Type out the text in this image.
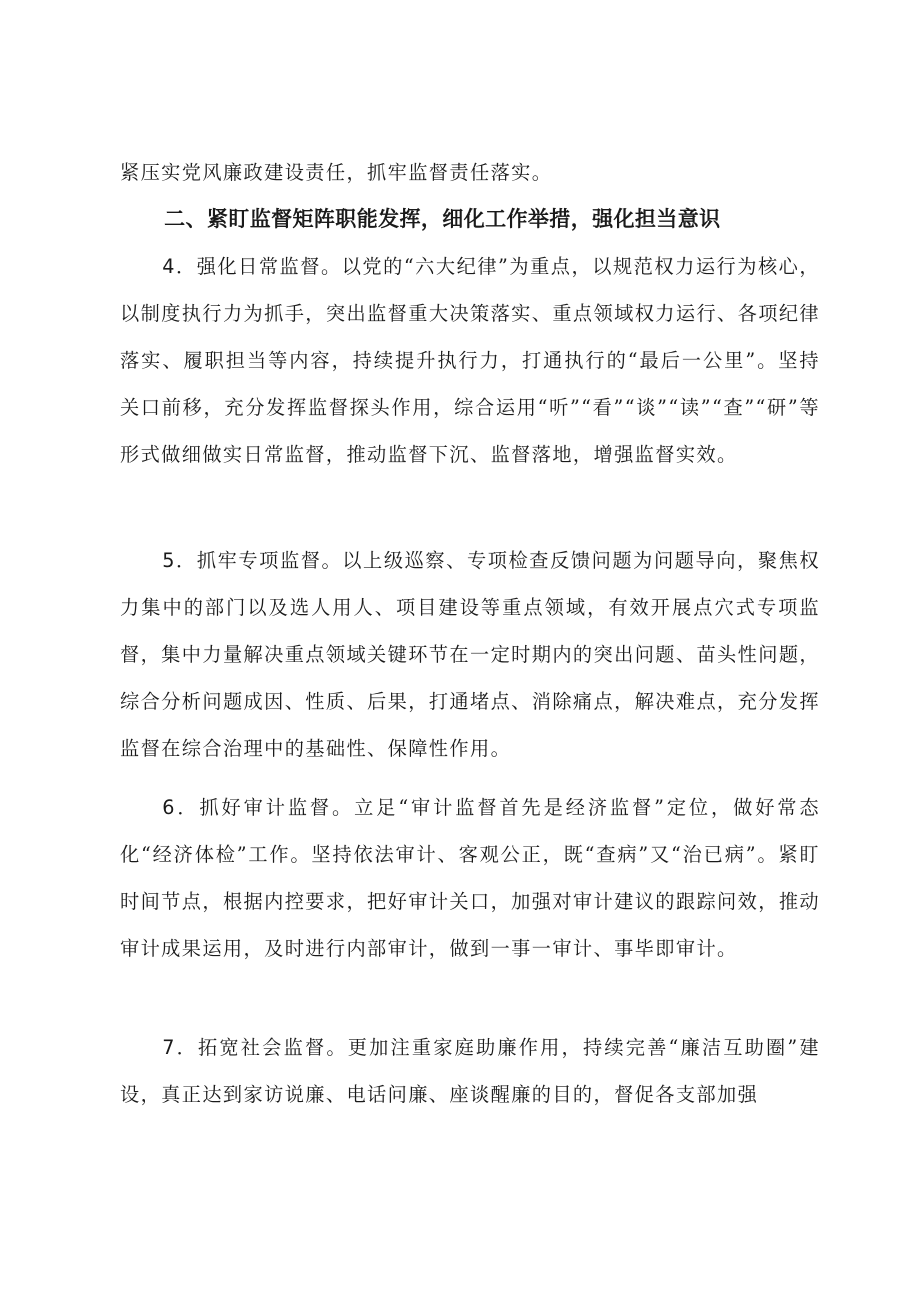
紧压实党风廉政建设责任，抓牢监督责任落实。

二、紧盯监督矩阵职能发挥，细化工作举措，强化担当意识

4．强化日常监督。以党的“六大纪律”为重点，以规范权力运行为核心，以制度执行力为抓手，突出监督重大决策落实、重点领域权力运行、各项纪律落实、履职担当等内容，持续提升执行力，打通执行的“最后一公里”。坚持关口前移，充分发挥监督探头作用，综合运用“听”“看”“谈”“读”“查”“研”等形式做细做实日常监督，推动监督下沉、监督落地，增强监督实效。

5．抓牢专项监督。以上级巡察、专项检查反馈问题为问题导向，聚焦权力集中的部门以及选人用人、项目建设等重点领域，有效开展点穴式专项监督，集中力量解决重点领域关键环节在一定时期内的突出问题、苗头性问题，综合分析问题成因、性质、后果，打通堵点、消除痛点，解决难点，充分发挥监督在综合治理中的基础性、保障性作用。

6．抓好审计监督。立足“审计监督首先是经济监督”定位，做好常态化“经济体检”工作。坚持依法审计、客观公正，既“查病”又“治已病”。紧盯时间节点，根据内控要求，把好审计关口，加强对审计建议的跟踪问效，推动审计成果运用，及时进行内部审计，做到一事一审计、事毕即审计。

7．拓宽社会监督。更加注重家庭助廉作用，持续完善“廉洁互助圈”建设，真正达到家访说廉、电话问廉、座谈醒廉的目的，督促各支部加强
